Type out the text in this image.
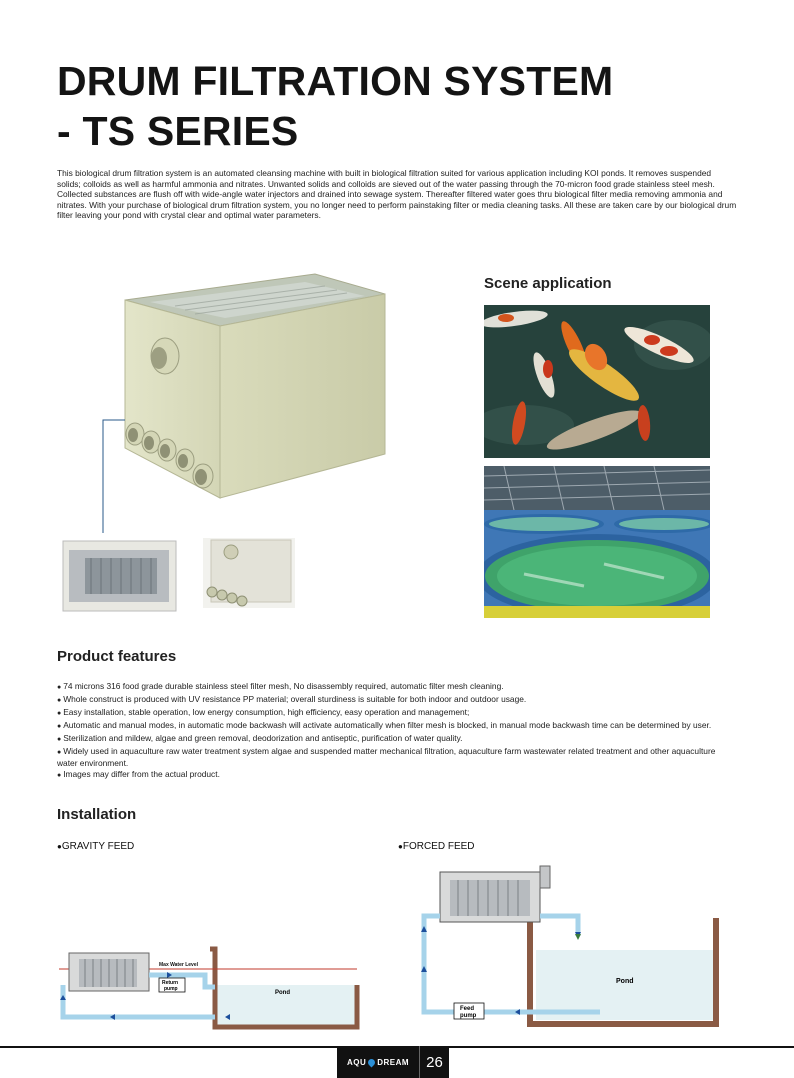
DRUM FILTRATION SYSTEM
- TS SERIES

This biological drum filtration system is an automated cleansing machine with built in biological filtration suited for various application including KOI ponds. It removes suspended solids; colloids as well as harmful ammonia and nitrates. Unwanted solids and colloids are sieved out of the water passing through the 70-micron food grade stainless steel mesh. Collected substances are flush off with wide-angle water injectors and drained into sewage system. Thereafter filtered water goes thru biological filter media removing ammonia and nitrates. With your purchase of biological drum filtration system, you no longer need to perform painstaking filter or media cleaning tasks. All these are taken care by our biological drum filter leaving your pond with crystal clear and optimal water parameters.

Scene application
Product features
● 74 microns 316 food grade durable stainless steel filter mesh, No disassembly required, automatic filter mesh cleaning.
● Whole construct is produced with UV resistance PP material; overall sturdiness is suitable for both indoor and outdoor usage.
● Easy installation, stable operation, low energy consumption, high efficiency, easy operation and management;
● Automatic and manual modes, in automatic mode backwash will activate automatically when filter mesh is blocked, in manual mode backwash time can be determined by user.
● Sterilization and mildew, algae and green removal, deodorization and antiseptic, purification of water quality.
● Widely used in aquaculture raw water treatment system algae and suspended matter mechanical filtration, aquaculture farm wastewater related treatment and other aquaculture water environment.
● Images may differ from the actual product.
Installation
● GRAVITY FEED
●	FORCED FEED
Max Water Level
Return
pump
Pond
Feed
pump
Pond
AQU DREAM	26
